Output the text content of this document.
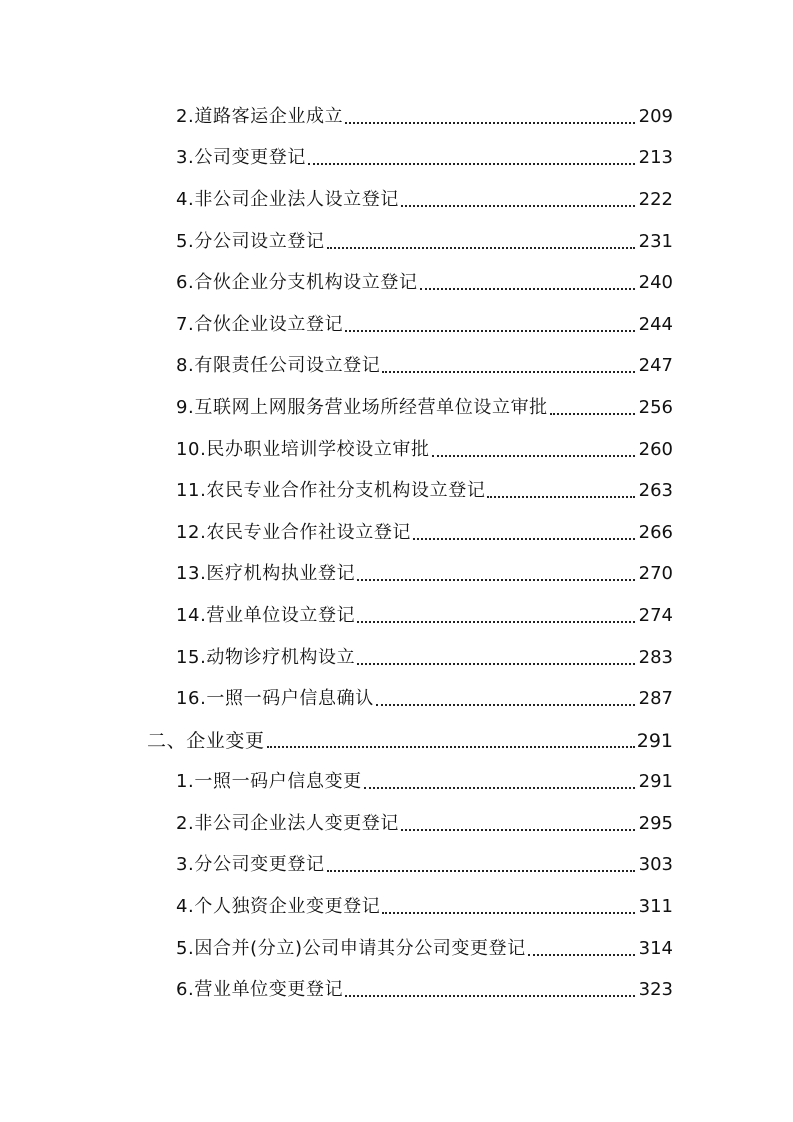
2.道路客运企业成立	209
3.公司变更登记	213
4.非公司企业法人设立登记	222
5.分公司设立登记	231
6.合伙企业分支机构设立登记	240
7.合伙企业设立登记	244
8.有限责任公司设立登记	247
9.互联网上网服务营业场所经营单位设立审批	256
10.民办职业培训学校设立审批	260
11.农民专业合作社分支机构设立登记	263
12.农民专业合作社设立登记	266
13.医疗机构执业登记	270
14.营业单位设立登记	274
15.动物诊疗机构设立	283
16.一照一码户信息确认	287
二、企业变更	291
1.一照一码户信息变更	291
2.非公司企业法人变更登记	295
3.分公司变更登记	303
4.个人独资企业变更登记	311
5.因合并(分立)公司申请其分公司变更登记	314
6.营业单位变更登记	323
